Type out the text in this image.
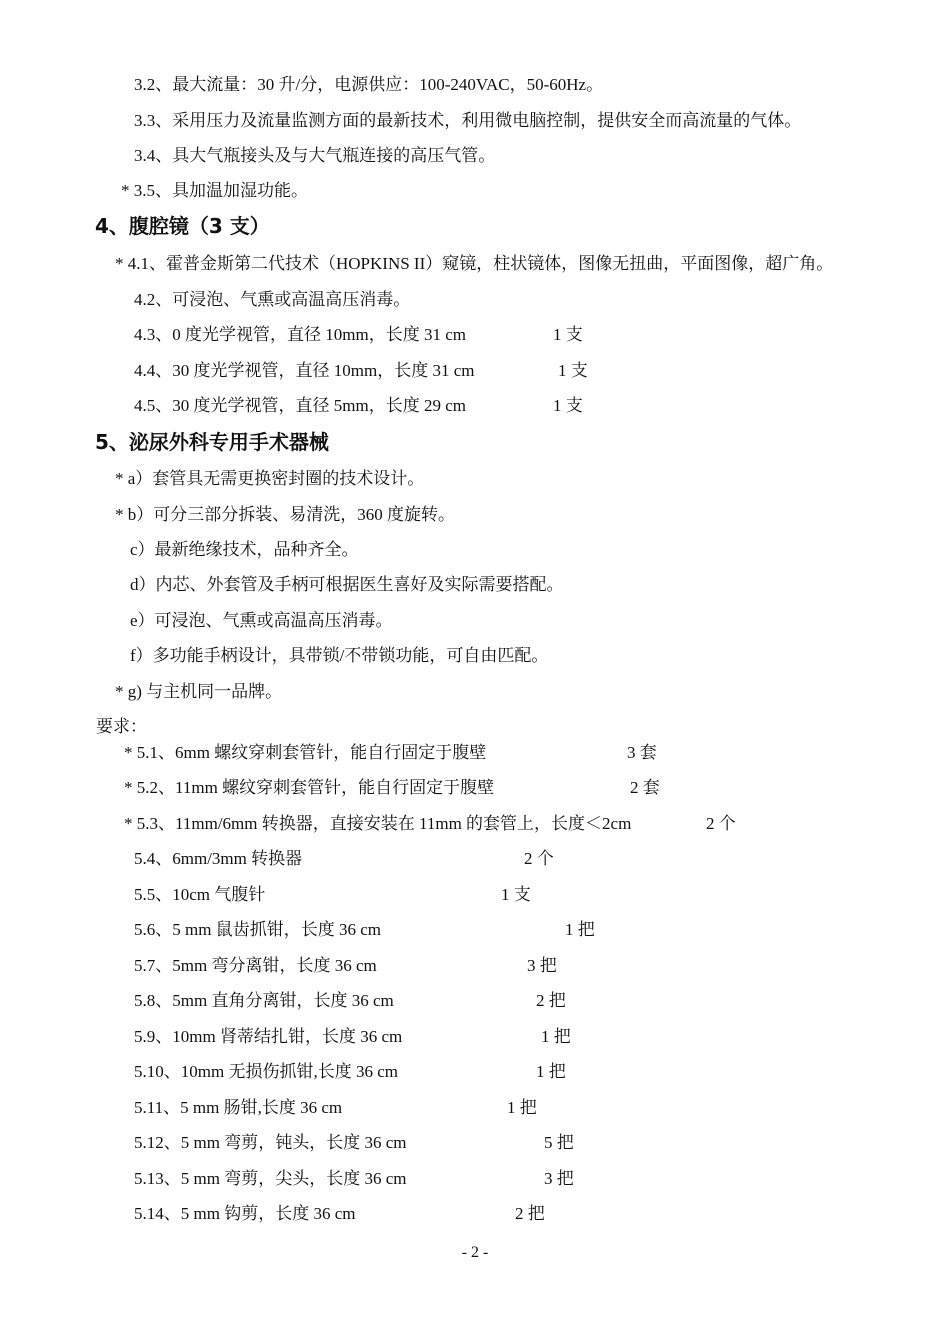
3.2、最大流量：30 升/分，电源供应：100-240VAC，50-60Hz。
3.3、采用压力及流量监测方面的最新技术，利用微电脑控制，提供安全而高流量的气体。
3.4、具大气瓶接头及与大气瓶连接的高压气管。
* 3.5、具加温加湿功能。
4、腹腔镜（3 支）
* 4.1、霍普金斯第二代技术（HOPKINS II）窥镜，柱状镜体，图像无扭曲，平面图像，超广角。
4.2、可浸泡、气熏或高温高压消毒。
4.3、0 度光学视管，直径 10mm，长度 31 cm	1 支
4.4、30 度光学视管，直径 10mm，长度 31 cm	1 支
4.5、30 度光学视管，直径 5mm，长度 29 cm	1 支
5、泌尿外科专用手术器械
* a）套管具无需更换密封圈的技术设计。
* b）可分三部分拆装、易清洗，360 度旋转。
c）最新绝缘技术，品种齐全。
d）内芯、外套管及手柄可根据医生喜好及实际需要搭配。
e）可浸泡、气熏或高温高压消毒。
f）多功能手柄设计，具带锁/不带锁功能，可自由匹配。
* g) 与主机同一品牌。
要求：
* 5.1、6mm 螺纹穿刺套管针，能自行固定于腹壁	3 套
* 5.2、11mm 螺纹穿刺套管针，能自行固定于腹壁	2 套
* 5.3、11mm/6mm 转换器，直接安装在 11mm 的套管上，长度＜2cm	2 个
5.4、6mm/3mm 转换器	2 个
5.5、10cm 气腹针	1 支
5.6、5 mm 鼠齿抓钳，长度 36 cm	1 把
5.7、5mm 弯分离钳，长度 36 cm	3 把
5.8、5mm 直角分离钳，长度 36 cm	2 把
5.9、10mm 肾蒂结扎钳，长度 36 cm	1 把
5.10、10mm 无损伤抓钳,长度 36 cm	1 把
5.11、5 mm 肠钳,长度 36 cm	1 把
5.12、5 mm 弯剪，钝头，长度 36 cm	5 把
5.13、5 mm 弯剪，尖头，长度 36 cm	3 把
5.14、5 mm 钩剪，长度 36 cm	2 把
- 2 -
